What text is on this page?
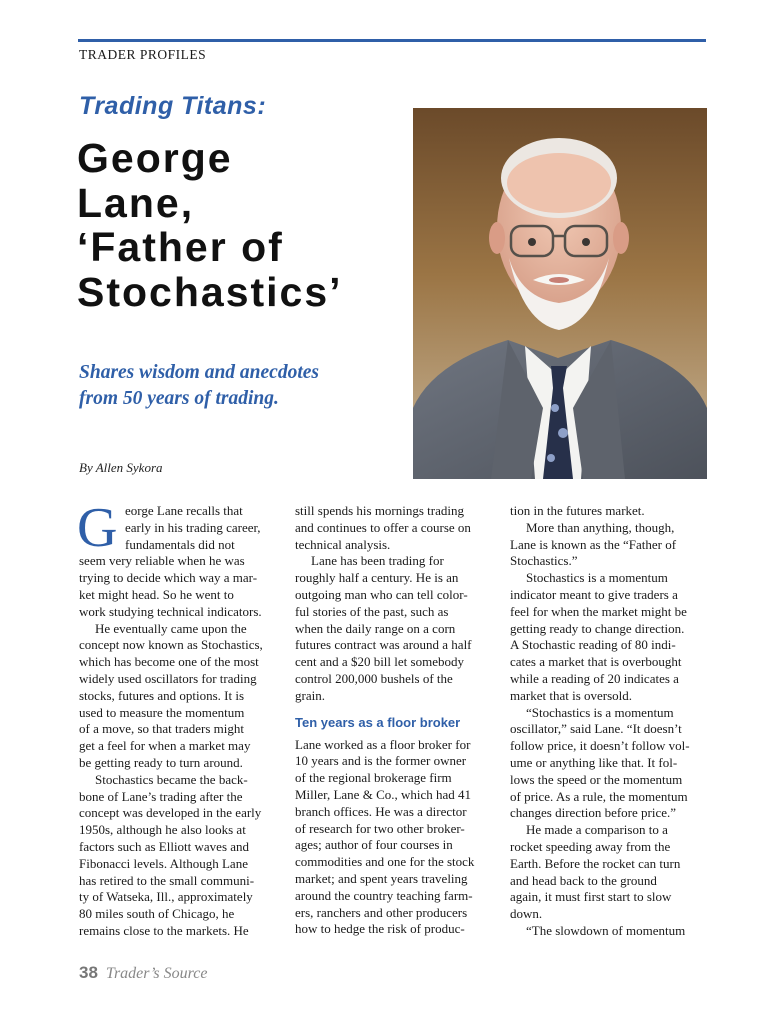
TRADER PROFILES
Trading Titans:
George
Lane,
‘Father of
Stochastics’
Shares wisdom and anecdotes
from 50 years of trading.
By Allen Sykora
G eorge Lane recalls that
early in his trading career,
fundamentals did not
seem very reliable when he was
trying to decide which way a mar-
ket might head. So he went to
work studying technical indicators.
He eventually came upon the
concept now known as Stochastics,
which has become one of the most
widely used oscillators for trading
stocks, futures and options. It is
used to measure the momentum
of a move, so that traders might
get a feel for when a market may
be getting ready to turn around.
Stochastics became the back-
bone of Lane’s trading after the
concept was developed in the early
1950s, although he also looks at
factors such as Elliott waves and
Fibonacci levels. Although Lane
has retired to the small communi-
ty of Watseka, Ill., approximately
80 miles south of Chicago, he
remains close to the markets. He
still spends his mornings trading
and continues to offer a course on
technical analysis.
Lane has been trading for
roughly half a century. He is an
outgoing man who can tell color-
ful stories of the past, such as
when the daily range on a corn
futures contract was around a half
cent and a $20 bill let somebody
control 200,000 bushels of the
grain.
Ten years as a floor broker
Lane worked as a floor broker for
10 years and is the former owner
of the regional brokerage firm
Miller, Lane & Co., which had 41
branch offices. He was a director
of research for two other broker-
ages; author of four courses in
commodities and one for the stock
market; and spent years traveling
around the country teaching farm-
ers, ranchers and other producers
how to hedge the risk of produc-
tion in the futures market.
More than anything, though,
Lane is known as the “Father of
Stochastics.”
Stochastics is a momentum
indicator meant to give traders a
feel for when the market might be
getting ready to change direction.
A Stochastic reading of 80 indi-
cates a market that is overbought
while a reading of 20 indicates a
market that is oversold.
“Stochastics is a momentum
oscillator,” said Lane. “It doesn’t
follow price, it doesn’t follow vol-
ume or anything like that. It fol-
lows the speed or the momentum
of price. As a rule, the momentum
changes direction before price.”
He made a comparison to a
rocket speeding away from the
Earth. Before the rocket can turn
and head back to the ground
again, it must first start to slow
down.
“The slowdown of momentum
38 Trader’s Source
